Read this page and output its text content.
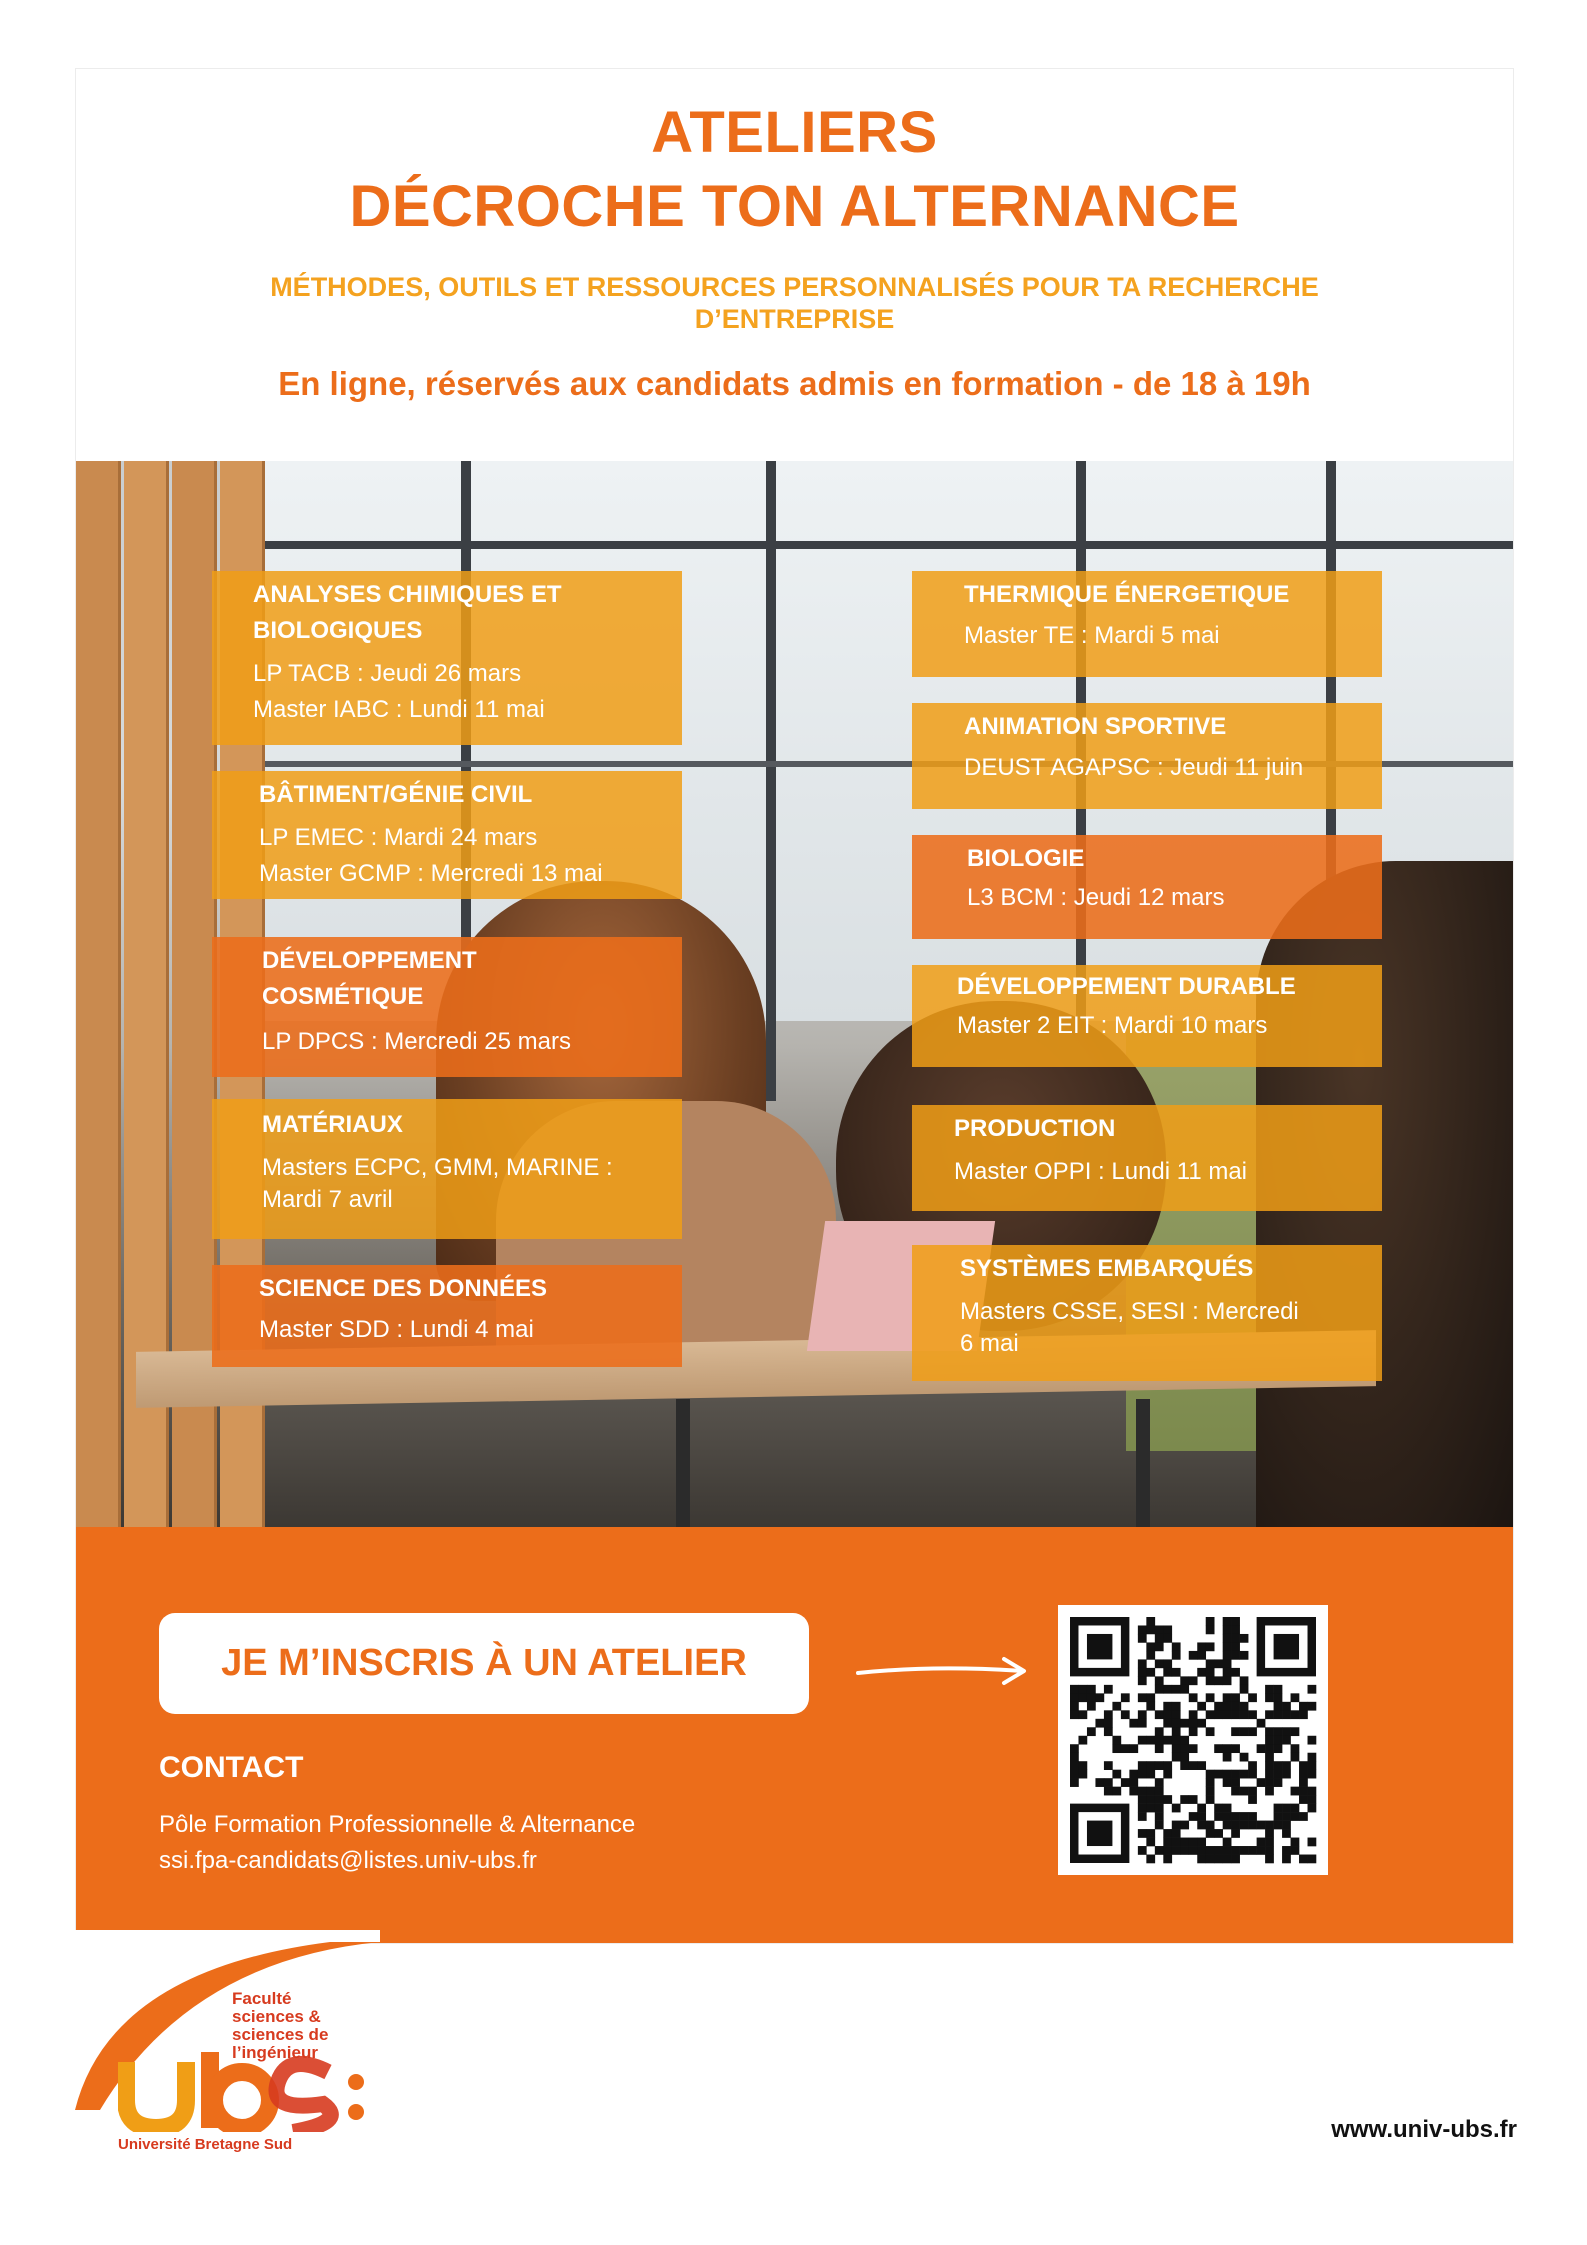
ATELIERS
DÉCROCHE TON ALTERNANCE
MÉTHODES, OUTILS ET RESSOURCES PERSONNALISÉS POUR TA RECHERCHE
D’ENTREPRISE
En ligne, réservés aux candidats admis en formation - de 18 à 19h
ANALYSES CHIMIQUES ET
BIOLOGIQUES
LP TACB : Jeudi 26 mars
Master IABC : Lundi 11 mai
BÂTIMENT/GÉNIE CIVIL
LP EMEC : Mardi 24 mars
Master GCMP : Mercredi 13 mai
DÉVELOPPEMENT
COSMÉTIQUE
LP DPCS : Mercredi 25 mars
MATÉRIAUX
Masters ECPC, GMM, MARINE :
Mardi 7 avril
SCIENCE DES DONNÉES
Master SDD : Lundi 4 mai
THERMIQUE ÉNERGETIQUE
Master TE : Mardi 5 mai
ANIMATION SPORTIVE
DEUST AGAPSC : Jeudi 11 juin
BIOLOGIE
L3 BCM : Jeudi 12 mars
DÉVELOPPEMENT DURABLE
Master 2 EIT : Mardi 10 mars
PRODUCTION
Master OPPI : Lundi 11 mai
SYSTÈMES EMBARQUÉS
Masters CSSE, SESI : Mercredi
6 mai
JE M’INSCRIS À UN ATELIER
CONTACT
Pôle Formation Professionnelle & Alternance
ssi.fpa-candidats@listes.univ-ubs.fr
Faculté
sciences &
sciences de
l’ingénieur
Université Bretagne Sud
www.univ-ubs.fr
